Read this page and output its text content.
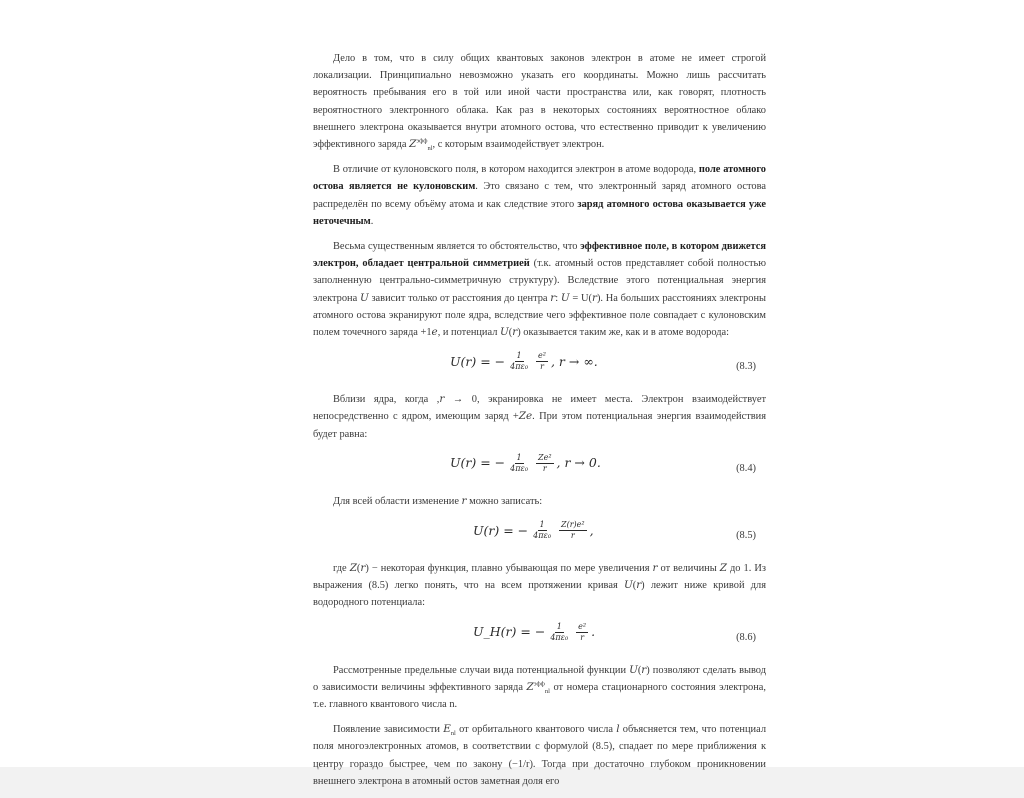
Дело в том, что в силу общих квантовых законов электрон в атоме не имеет строгой локализации. Принципиально невозможно указать его координаты. Можно лишь рассчитать вероятность пребывания его в той или иной части пространства или, как говорят, плотность вероятностного электронного облака. Как раз в некоторых состояниях вероятностное облако внешнего электрона оказывается внутри атомного остова, что естественно приводит к увеличению эффективного заряда $Z^{эфф}_{nl}$, с которым взаимодействует электрон.

В отличие от кулоновского поля, в котором находится электрон в атоме водорода, поле атомного остова является не кулоновским. Это связано с тем, что электронный заряд атомного остова распределён по всему объёму атома и как следствие этого заряд атомного остова оказывается уже неточечным.

Весьма существенным является то обстоятельство, что эффективное поле, в котором движется электрон, обладает центральной симметрией (т.к. атомный остов представляет собой полностью заполненную центрально-симметричную структуру). Вследствие этого потенциальная энергия электрона U зависит только от расстояния до центра r: U = U(r). На больших расстояниях электроны атомного остова экранируют поле ядра, вследствие чего эффективное поле совпадает с кулоновским полем точечного заряда +1e, и потенциал U(r) оказывается таким же, как и в атоме водорода:

U(r) = − $\frac{1}{\text{4πε₀}} \frac{\text{e²}}{r}$ , r → ∞.	(8.3)

Вблизи ядра, когда ,r → 0, экранировка не имеет места. Электрон взаимодействует непосредственно с ядром, имеющим заряд +Ze. При этом потенциальная энергия взаимодействия будет равна:

U(r) = − $\frac{1}{\text{4πε₀}} \frac{\text{Ze²}}{r}$ , r → 0.	(8.4)

Для всей области изменение r можно записать:

U(r) = − $\frac{1}{\text{4πε₀}} \frac{\text{Z(r)e²}}{r}$ ,	(8.5)

где Z(r) − некоторая функция, плавно убывающая по мере увеличения r от величины Z до 1. Из выражения (8.5) легко понять, что на всем протяжении кривая U(r) лежит ниже кривой для водородного потенциала:

U_H(r) = − $\frac{1}{\text{4πε₀}} \frac{\text{e²}}{r}$ .	(8.6)

Рассмотренные предельные случаи вида потенциальной функции U(r) позволяют сделать вывод о зависимости величины эффективного заряда $Z^{эфф}_{nl}$ от номера стационарного состояния электрона, т.е. главного квантового числа n.

Появление зависимости $E_{nl}$ от орбитального квантового числа l объясняется тем, что потенциал поля многоэлектронных атомов, в соответствии с формулой (8.5), спадает по мере приближения к центру гораздо быстрее, чем по закону (−1/r). Тогда при достаточно глубоком проникновении внешнего электрона в атомный остов заметная доля его
